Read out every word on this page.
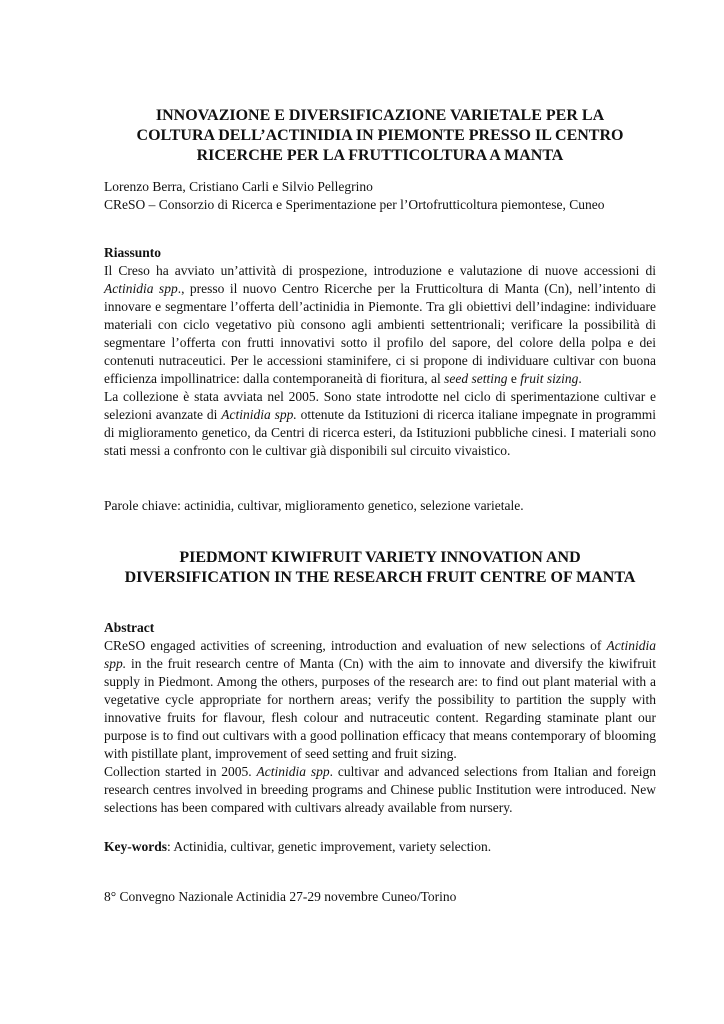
INNOVAZIONE E DIVERSIFICAZIONE VARIETALE PER LA
COLTURA DELL’ACTINIDIA IN PIEMONTE PRESSO IL CENTRO
RICERCHE PER LA FRUTTICOLTURA A MANTA
Lorenzo Berra, Cristiano Carli e Silvio Pellegrino
CReSO – Consorzio di Ricerca e Sperimentazione per l’Ortofrutticoltura piemontese, Cuneo
Riassunto

Il Creso ha avviato un’attività di prospezione, introduzione e valutazione di nuove accessioni di Actinidia spp., presso il nuovo Centro Ricerche per la Frutticoltura di Manta (Cn), nell’intento di innovare e segmentare l’offerta dell’actinidia in Piemonte. Tra gli obiettivi dell’indagine: individuare materiali con ciclo vegetativo più consono agli ambienti settentrionali; verificare la possibilità di segmentare l’offerta con frutti innovativi sotto il profilo del sapore, del colore della polpa e dei contenuti nutraceutici. Per le accessioni staminifere, ci si propone di individuare cultivar con buona efficienza impollinatrice: dalla contemporaneità di fioritura, al seed setting e fruit sizing.

La collezione è stata avviata nel 2005. Sono state introdotte nel ciclo di sperimentazione cultivar e selezioni avanzate di Actinidia spp. ottenute da Istituzioni di ricerca italiane impegnate in programmi di miglioramento genetico, da Centri di ricerca esteri, da Istituzioni pubbliche cinesi. I materiali sono stati messi a confronto con le cultivar già disponibili sul circuito vivaistico.

Parole chiave: actinidia, cultivar, miglioramento genetico, selezione varietale.
PIEDMONT KIWIFRUIT VARIETY INNOVATION AND
DIVERSIFICATION IN THE RESEARCH FRUIT CENTRE OF MANTA
Abstract

CReSO engaged activities of screening, introduction and evaluation of new selections of Actinidia spp. in the fruit research centre of Manta (Cn) with the aim to innovate and diversify the kiwifruit supply in Piedmont. Among the others, purposes of the research are: to find out plant material with a vegetative cycle appropriate for northern areas; verify the possibility to partition the supply with innovative fruits for flavour, flesh colour and nutraceutic content. Regarding staminate plant our purpose is to find out cultivars with a good pollination efficacy that means contemporary of blooming with pistillate plant, improvement of seed setting and fruit sizing.

Collection started in 2005. Actinidia spp. cultivar and advanced selections from Italian and foreign research centres involved in breeding programs and Chinese public Institution were introduced. New selections has been compared with cultivars already available from nursery.

Key-words: Actinidia, cultivar, genetic improvement, variety selection.
8° Convegno Nazionale Actinidia 27-29 novembre Cuneo/Torino
